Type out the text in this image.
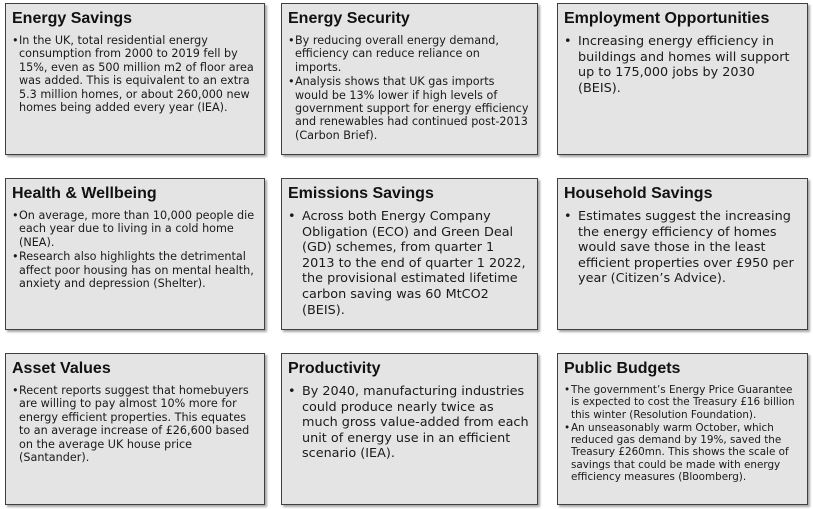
Energy Savings
• In the UK, total residential energy consumption from 2000 to 2019 fell by 15%, even as 500 million m2 of floor area was added. This is equivalent to an extra 5.3 million homes, or about 260,000 new homes being added every year (IEA).
Energy Security
• By reducing overall energy demand, efficiency can reduce reliance on imports.
• Analysis shows that UK gas imports would be 13% lower if high levels of government support for energy efficiency and renewables had continued post-2013 (Carbon Brief).
Employment Opportunities
• Increasing energy efficiency in buildings and homes will support up to 175,000 jobs by 2030 (BEIS).
Health & Wellbeing
• On average, more than 10,000 people die each year due to living in a cold home (NEA).
• Research also highlights the detrimental affect poor housing has on mental health, anxiety and depression (Shelter).
Emissions Savings
• Across both Energy Company Obligation (ECO) and Green Deal (GD) schemes, from quarter 1 2013 to the end of quarter 1 2022, the provisional estimated lifetime carbon saving was 60 MtCO2 (BEIS).
Household Savings
• Estimates suggest the increasing the energy efficiency of homes would save those in the least efficient properties over £950 per year (Citizen’s Advice).
Asset Values
• Recent reports suggest that homebuyers are willing to pay almost 10% more for energy efficient properties. This equates to an average increase of £26,600 based on the average UK house price (Santander).
Productivity
• By 2040, manufacturing industries could produce nearly twice as much gross value-added from each unit of energy use in an efficient scenario (IEA).
Public Budgets
• The government’s Energy Price Guarantee is expected to cost the Treasury £16 billion this winter (Resolution Foundation).
• An unseasonably warm October, which reduced gas demand by 19%, saved the Treasury £260mn. This shows the scale of savings that could be made with energy efficiency measures (Bloomberg).
